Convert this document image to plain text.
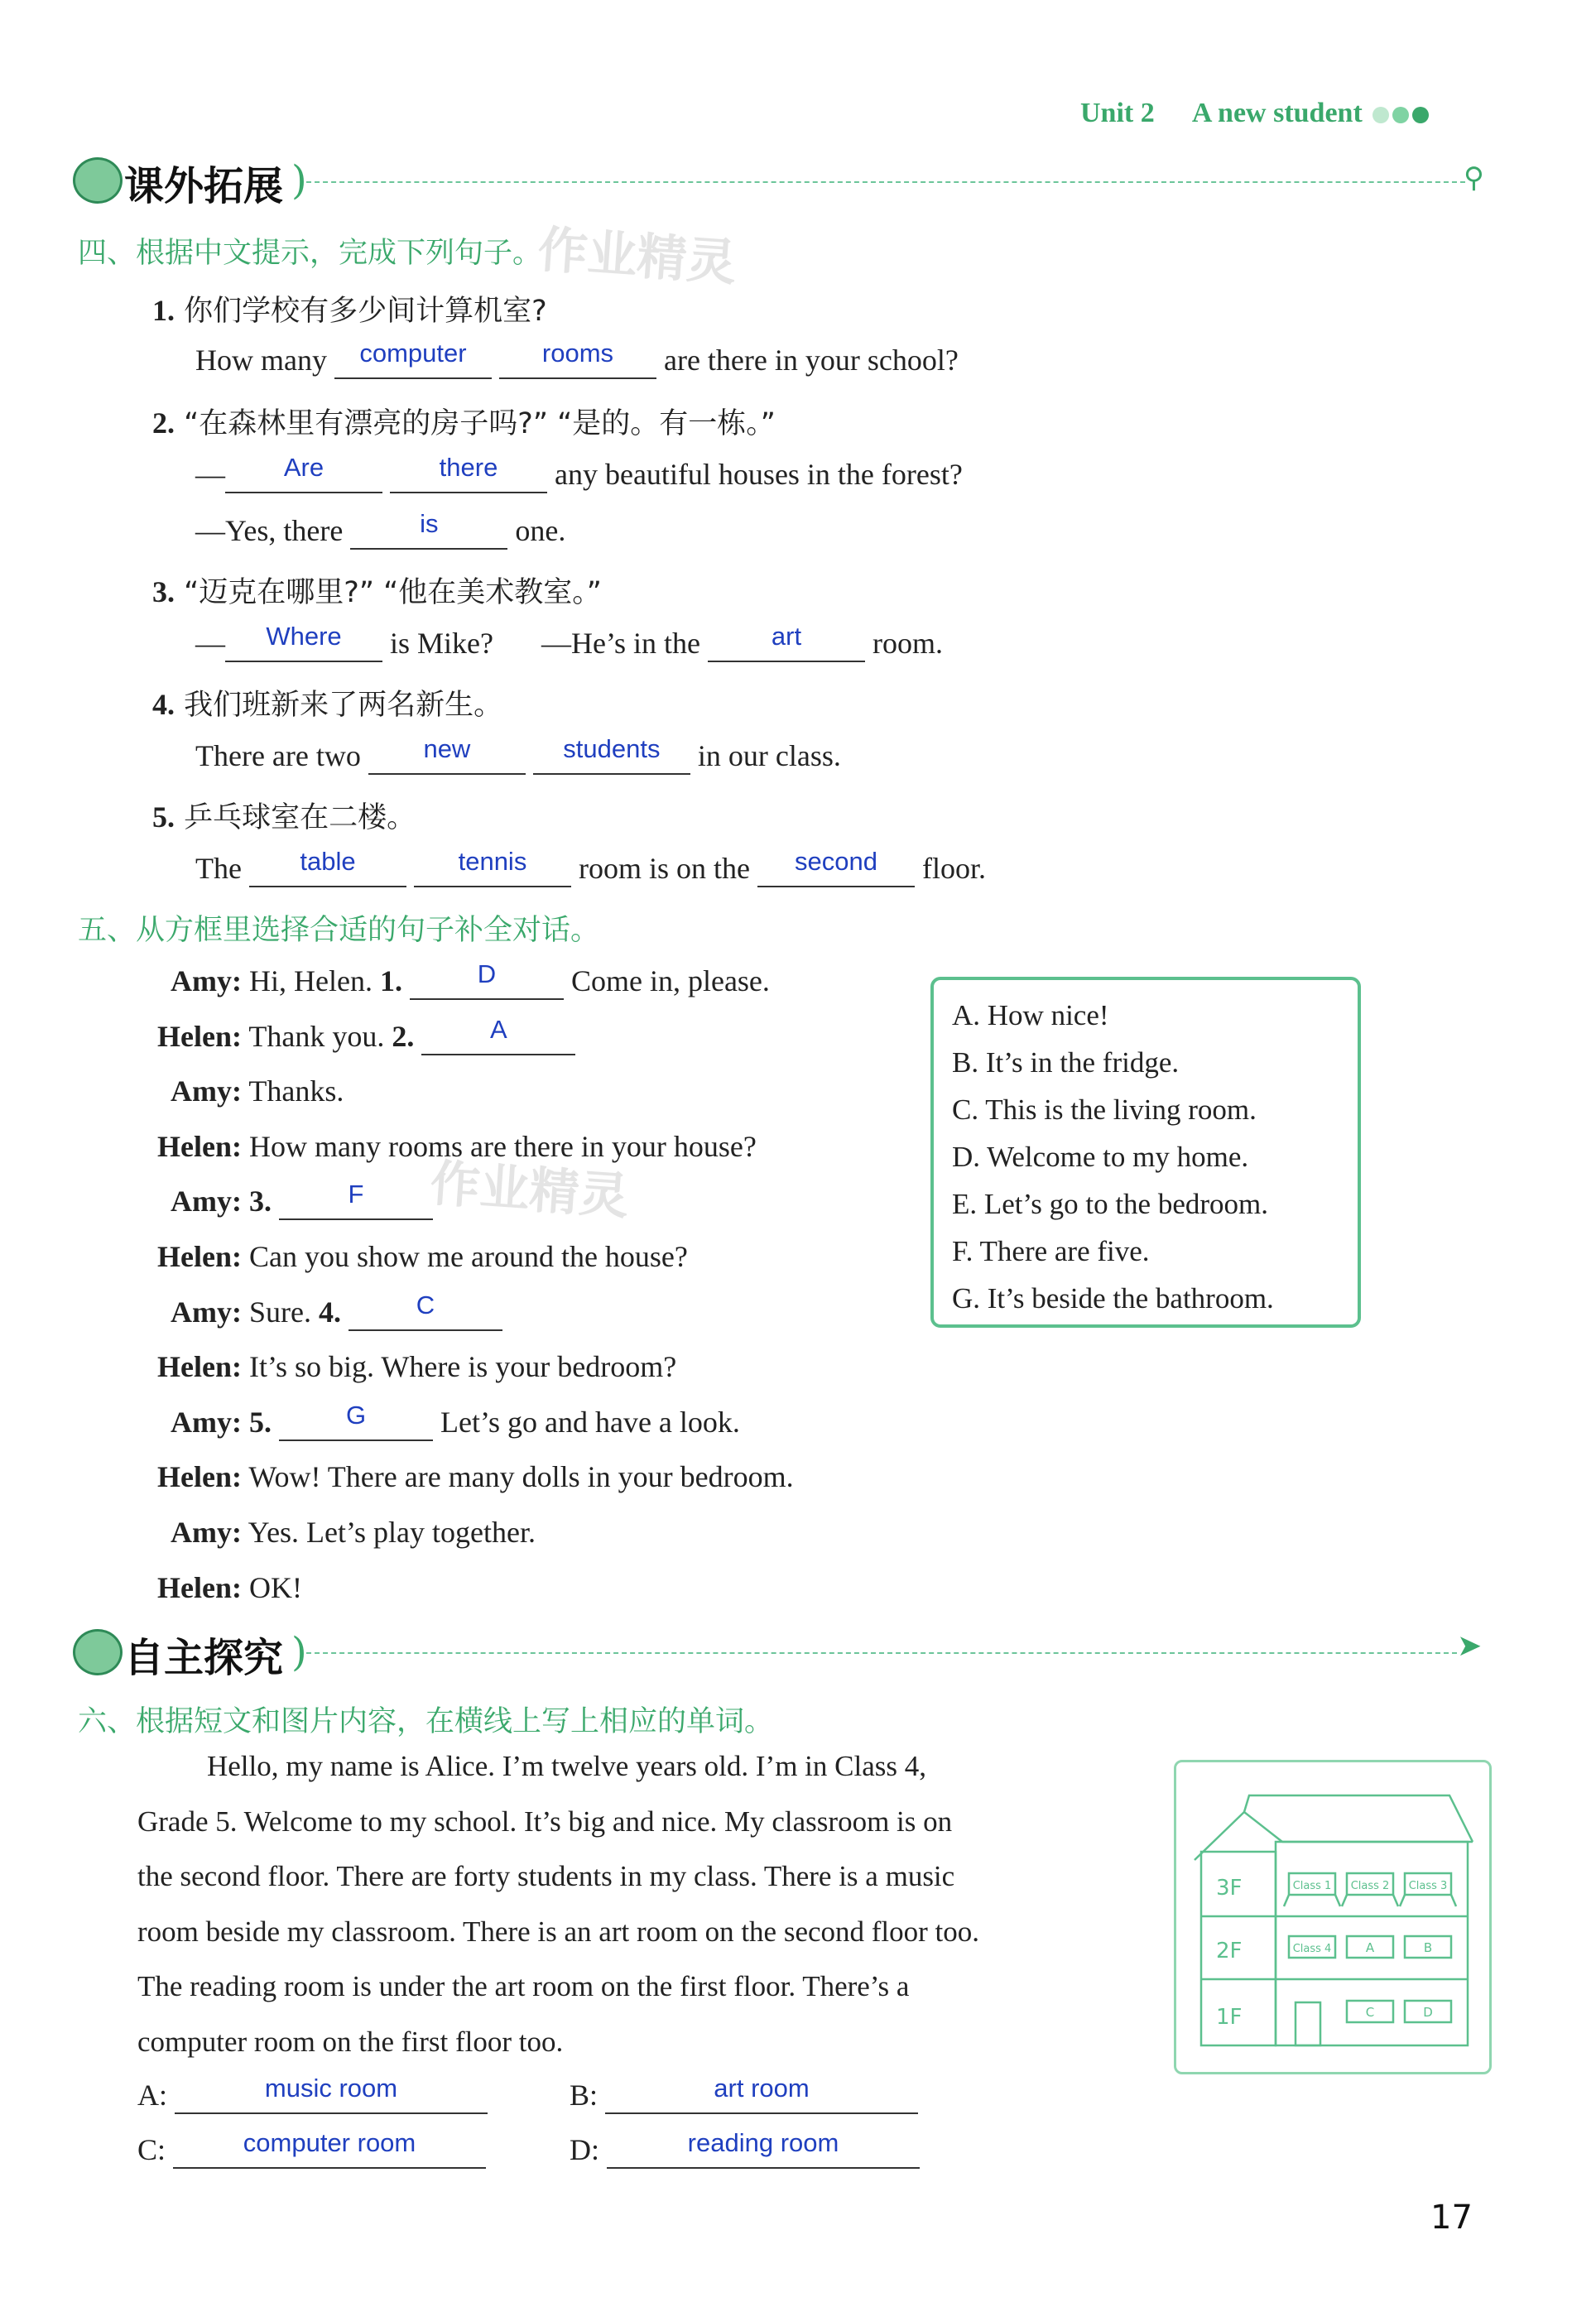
Unit 2 A new student
课外拓展 )	⚲
四、根据中文提示，完成下列句子。
作业精灵
1. 你们学校有多少间计算机室?
How many computer	rooms are there in your school?
2. “在森林里有漂亮的房子吗?” “是的。有一栋。”
— Are	there any beautiful houses in the forest?
—Yes, there	is	one.
3. “迈克在哪里?” “他在美术教室。”
— Where is Mike? —He’s in the	art room.
4. 我们班新来了两名新生。
There are two new	students in our class.
5. 乒乓球室在二楼。
The table	tennis room is on the second floor.
五、从方框里选择合适的句子补全对话。
作业精灵
Amy: Hi, Helen. 1.	D	Come in, please.
Helen: Thank you. 2.	A
Amy: Thanks.
Helen: How many rooms are there in your house?
Amy: 3.	F
Helen: Can you show me around the house?
Amy: Sure. 4.	C
Helen: It’s so big. Where is your bedroom?
Amy: 5.	G Let’s go and have a look.
Helen: Wow! There are many dolls in your bedroom.
Amy: Yes. Let’s play together.
Helen: OK!
A. How nice!
B. It’s in the fridge.
C. This is the living room.
D. Welcome to my home.
E. Let’s go to the bedroom.
F. There are five.
G. It’s beside the bathroom.
自主探究 )	➤
六、根据短文和图片内容，在横线上写上相应的单词。
Hello, my name is Alice. I’m twelve years old. I’m in Class 4,
Grade 5. Welcome to my school. It’s big and nice. My classroom is on
the second floor. There are forty students in my class. There is a music
room beside my classroom. There is an art room on the second floor too.
The reading room is under the art room on the first floor. There’s a
computer room on the first floor too.
3F
2F
1F
Class 1 Class 2 Class 3
Class 4	A	B
C	D
A:	music room	B:	art room
C:	computer room	D:	reading room
17
